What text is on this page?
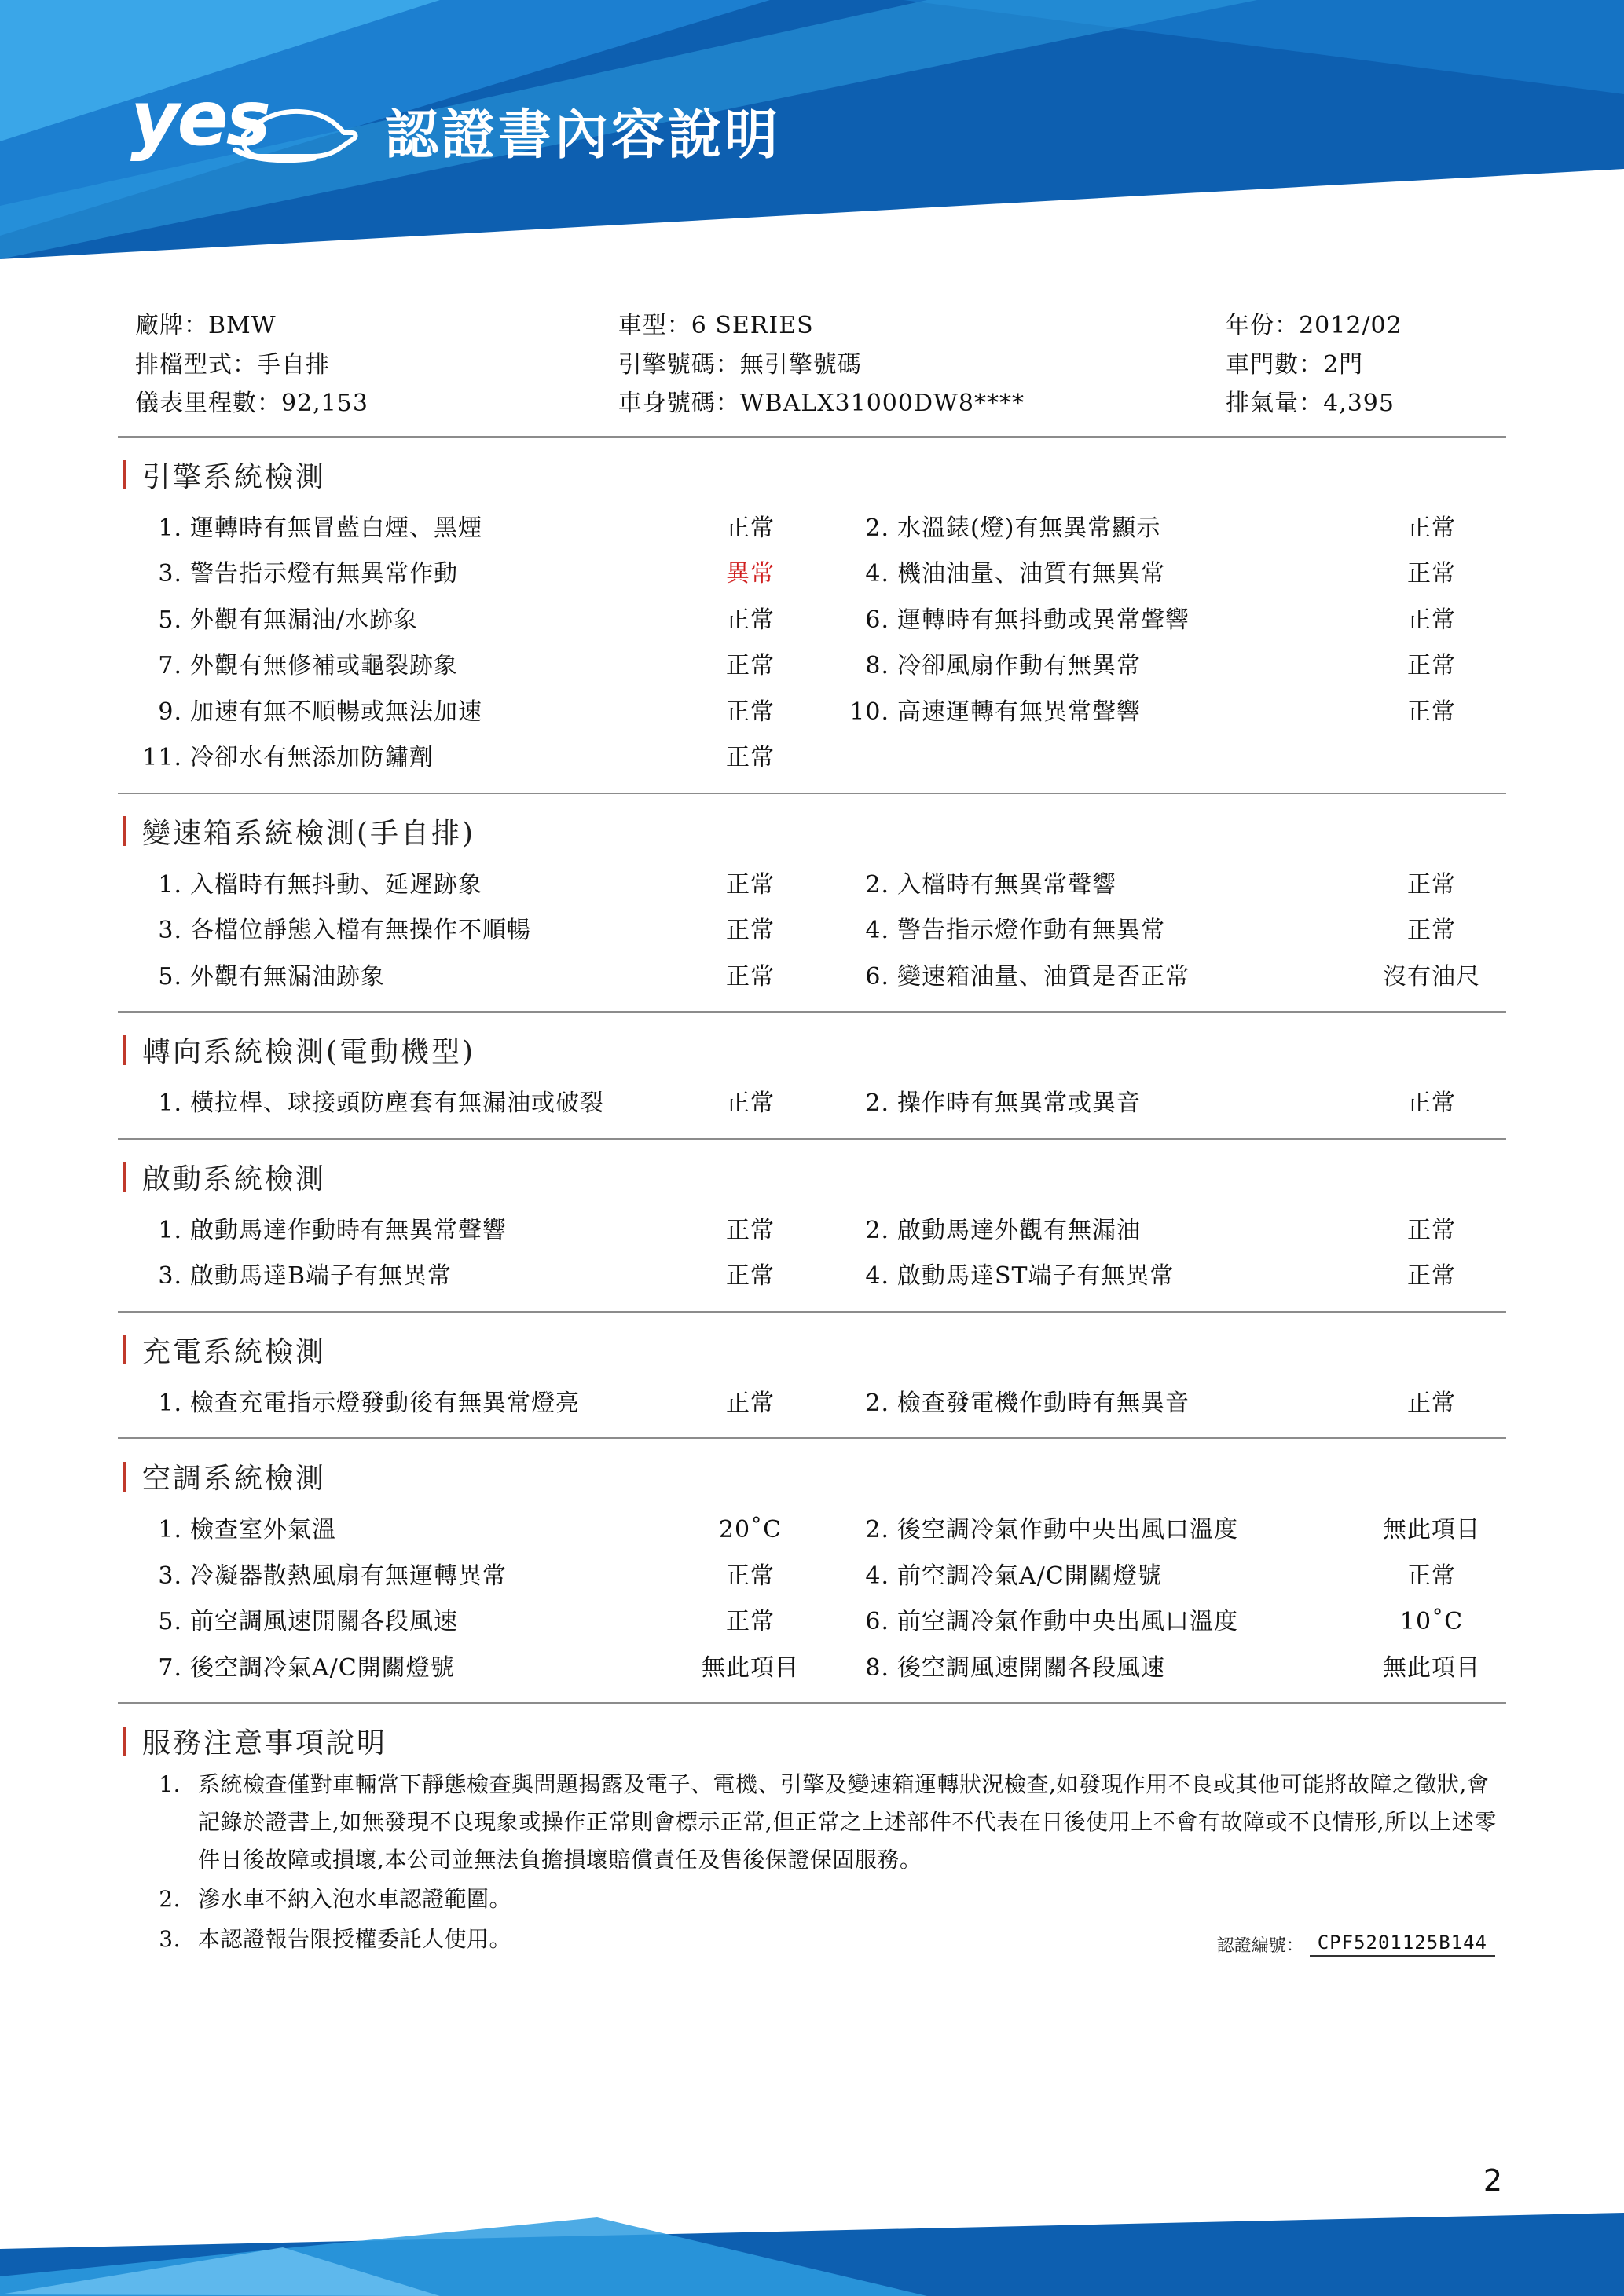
yes 認證書內容說明
廠牌：BMW	車型：6 SERIES	年份：2012/02
排檔型式：手自排	引擎號碼：無引擎號碼	車門數：2門
儀表里程數：92,153	車身號碼：WBALX31000DW8****	排氣量：4,395
引擎系統檢測
1. 運轉時有無冒藍白煙、黑煙	正常	2. 水溫錶(燈)有無異常顯示	正常
3. 警告指示燈有無異常作動	異常	4. 機油油量、油質有無異常	正常
5. 外觀有無漏油/水跡象	正常	6. 運轉時有無抖動或異常聲響	正常
7. 外觀有無修補或龜裂跡象	正常	8. 冷卻風扇作動有無異常	正常
9. 加速有無不順暢或無法加速	正常	10. 高速運轉有無異常聲響	正常
11. 冷卻水有無添加防鏽劑	正常
變速箱系統檢測(手自排)
1. 入檔時有無抖動、延遲跡象	正常	2. 入檔時有無異常聲響	正常
3. 各檔位靜態入檔有無操作不順暢	正常	4. 警告指示燈作動有無異常	正常
5. 外觀有無漏油跡象	正常	6. 變速箱油量、油質是否正常	沒有油尺
轉向系統檢測(電動機型)
1. 橫拉桿、球接頭防塵套有無漏油或破裂	正常	2. 操作時有無異常或異音	正常
啟動系統檢測
1. 啟動馬達作動時有無異常聲響	正常	2. 啟動馬達外觀有無漏油	正常
3. 啟動馬達B端子有無異常	正常	4. 啟動馬達ST端子有無異常	正常
充電系統檢測
1. 檢查充電指示燈發動後有無異常燈亮	正常	2. 檢查發電機作動時有無異音	正常
空調系統檢測
1. 檢查室外氣溫	20˚C	2. 後空調冷氣作動中央出風口溫度	無此項目
3. 冷凝器散熱風扇有無運轉異常	正常	4. 前空調冷氣A/C開關燈號	正常
5. 前空調風速開關各段風速	正常	6. 前空調冷氣作動中央出風口溫度	10˚C
7. 後空調冷氣A/C開關燈號	無此項目	8. 後空調風速開關各段風速	無此項目
服務注意事項說明
1. 系統檢查僅對車輛當下靜態檢查與問題揭露及電子、電機、引擎及變速箱運轉狀況檢查,如發現作用不良或其他可能將故障之徵狀,會記錄於證書上,如無發現不良現象或操作正常則會標示正常,但正常之上述部件不代表在日後使用上不會有故障或不良情形,所以上述零件日後故障或損壞,本公司並無法負擔損壞賠償責任及售後保證保固服務。
2. 滲水車不納入泡水車認證範圍。
3. 本認證報告限授權委託人使用。	認證編號： CPF5201125B144
2
